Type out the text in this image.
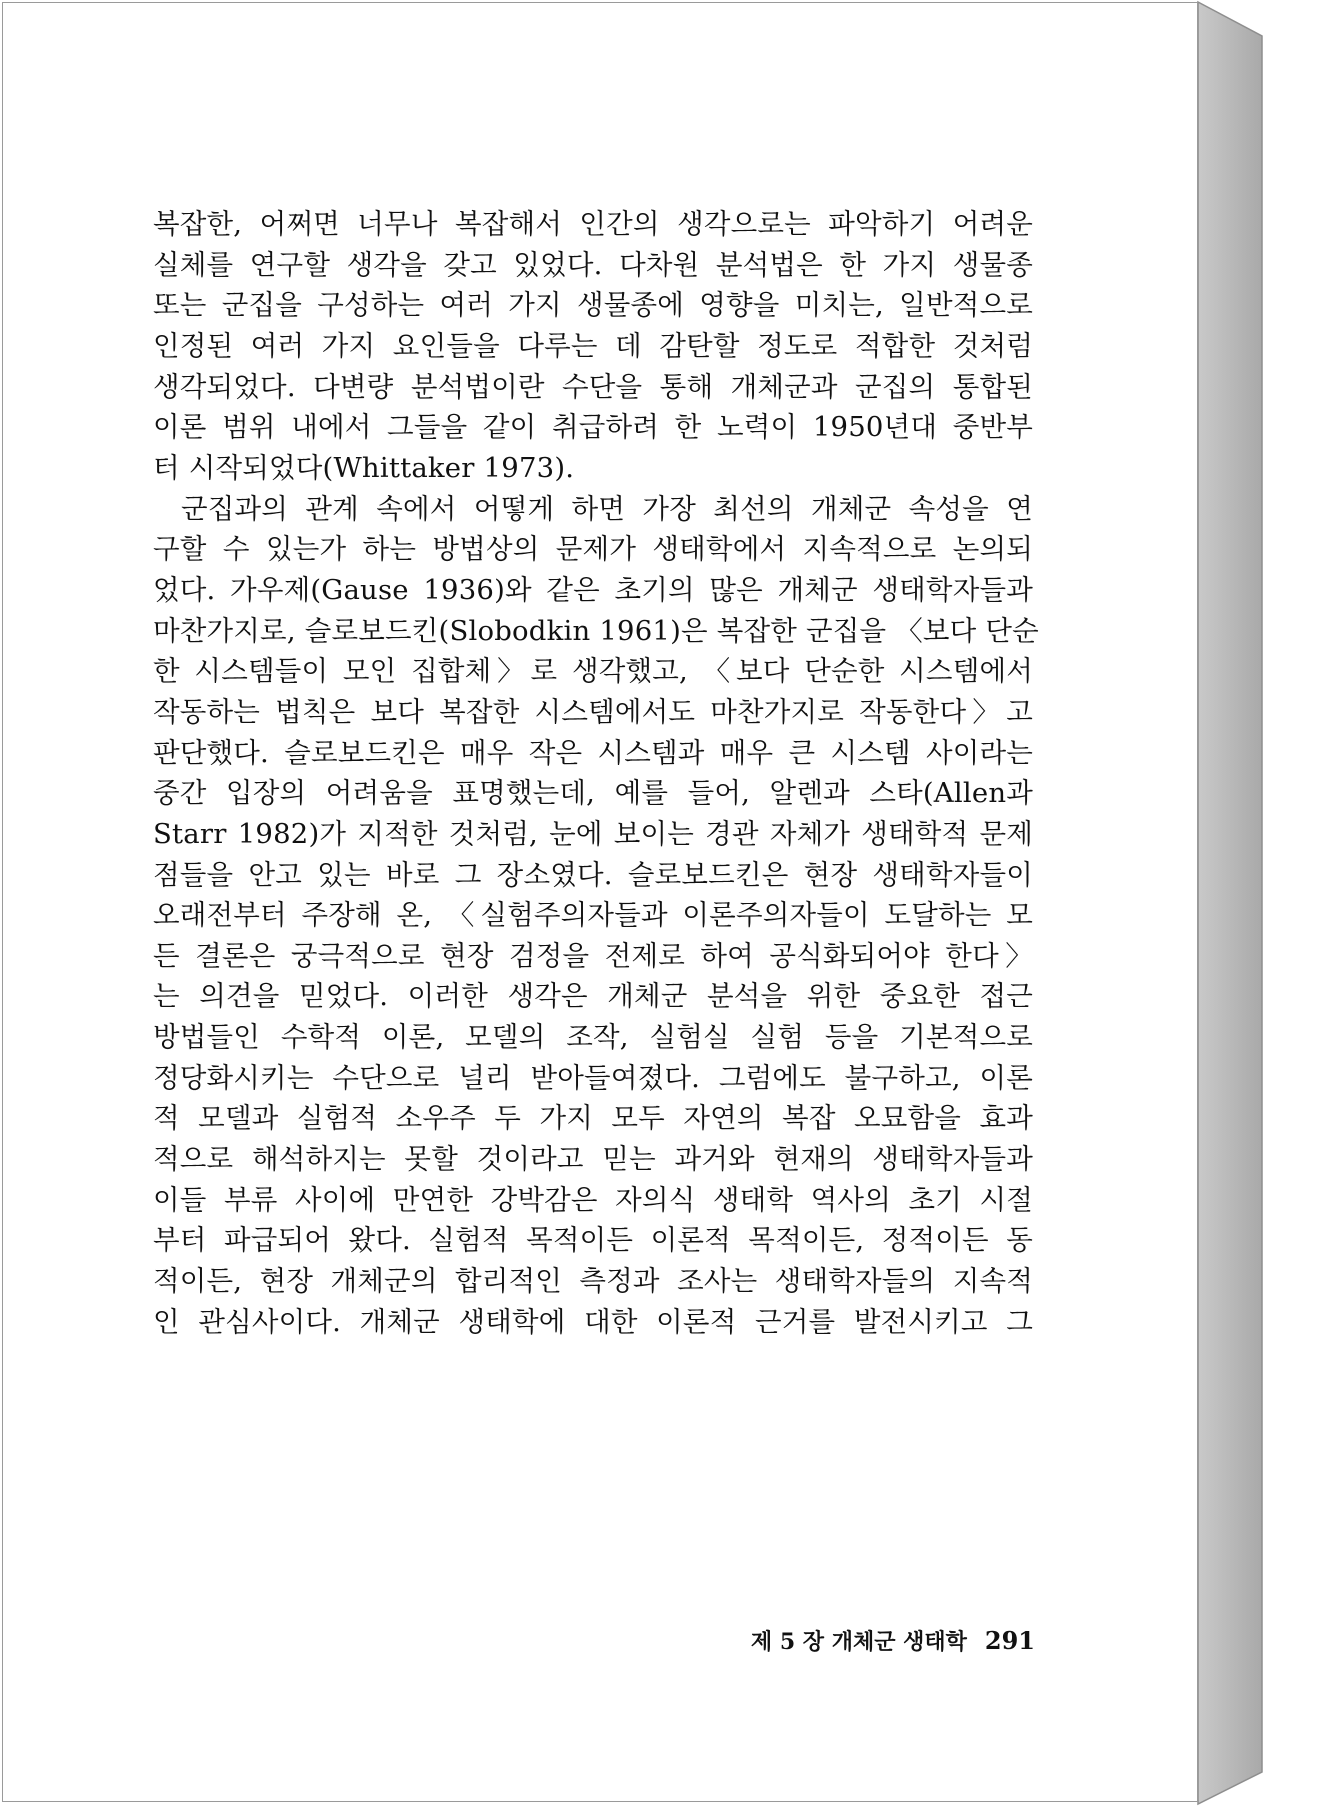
복잡한, 어쩌면 너무나 복잡해서 인간의 생각으로는 파악하기 어려운
실체를 연구할 생각을 갖고 있었다. 다차원 분석법은 한 가지 생물종
또는 군집을 구성하는 여러 가지 생물종에 영향을 미치는, 일반적으로
인정된 여러 가지 요인들을 다루는 데 감탄할 정도로 적합한 것처럼
생각되었다. 다변량 분석법이란 수단을 통해 개체군과 군집의 통합된
이론 범위 내에서 그들을 같이 취급하려 한 노력이 1950년대 중반부
터 시작되었다(Whittaker 1973).

군집과의 관계 속에서 어떻게 하면 가장 최선의 개체군 속성을 연
구할 수 있는가 하는 방법상의 문제가 생태학에서 지속적으로 논의되
었다. 가우제(Gause 1936)와 같은 초기의 많은 개체군 생태학자들과
마찬가지로, 슬로보드킨(Slobodkin 1961)은 복잡한 군집을 〈보다 단순
한 시스템들이 모인 집합체〉로 생각했고, 〈보다 단순한 시스템에서
작동하는 법칙은 보다 복잡한 시스템에서도 마찬가지로 작동한다〉고
판단했다. 슬로보드킨은 매우 작은 시스템과 매우 큰 시스템 사이라는
중간 입장의 어려움을 표명했는데, 예를 들어, 알렌과 스타(Allen과
Starr 1982)가 지적한 것처럼, 눈에 보이는 경관 자체가 생태학적 문제
점들을 안고 있는 바로 그 장소였다. 슬로보드킨은 현장 생태학자들이
오래전부터 주장해 온, 〈실험주의자들과 이론주의자들이 도달하는 모
든 결론은 궁극적으로 현장 검정을 전제로 하여 공식화되어야 한다〉
는 의견을 믿었다. 이러한 생각은 개체군 분석을 위한 중요한 접근
방법들인 수학적 이론, 모델의 조작, 실험실 실험 등을 기본적으로
정당화시키는 수단으로 널리 받아들여졌다. 그럼에도 불구하고, 이론
적 모델과 실험적 소우주 두 가지 모두 자연의 복잡 오묘함을 효과
적으로 해석하지는 못할 것이라고 믿는 과거와 현재의 생태학자들과
이들 부류 사이에 만연한 강박감은 자의식 생태학 역사의 초기 시절
부터 파급되어 왔다. 실험적 목적이든 이론적 목적이든, 정적이든 동
적이든, 현장 개체군의 합리적인 측정과 조사는 생태학자들의 지속적
인 관심사이다. 개체군 생태학에 대한 이론적 근거를 발전시키고 그

제 5 장 개체군 생태학 291
